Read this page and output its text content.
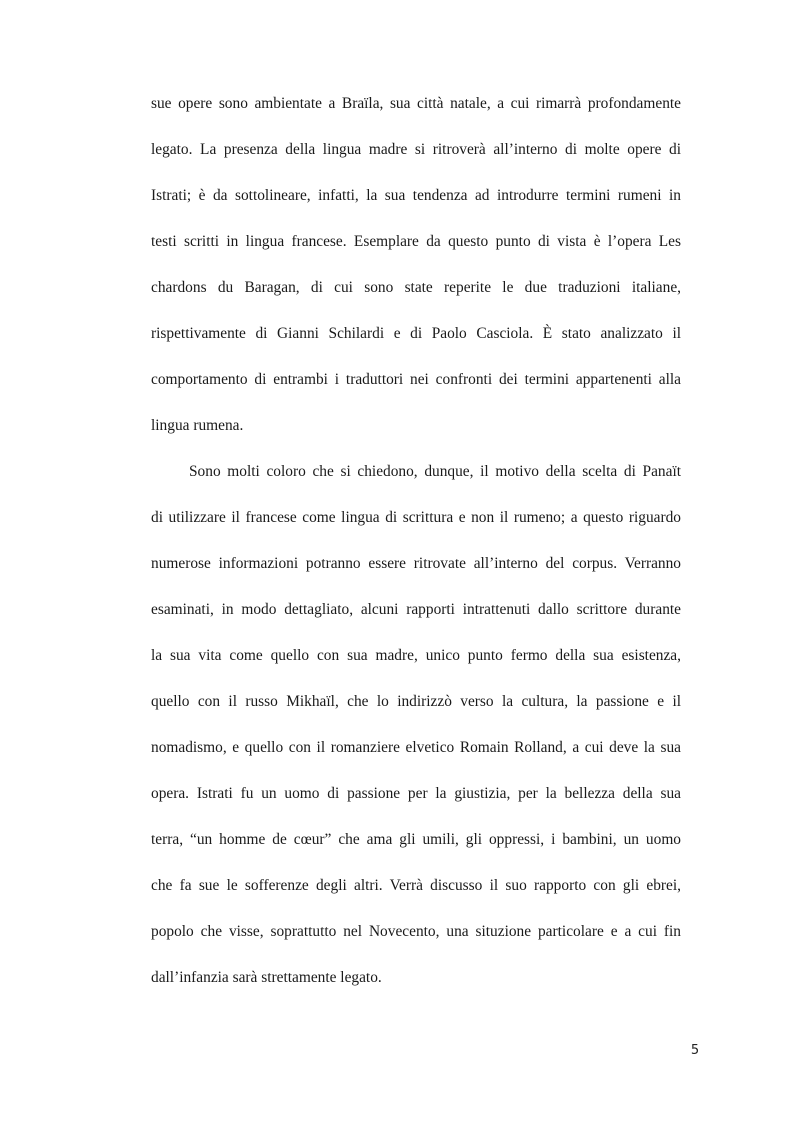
sue opere sono ambientate a Braïla, sua città natale, a cui rimarrà profondamente
legato. La presenza della lingua madre si ritroverà all’interno di molte opere di
Istrati; è da sottolineare, infatti, la sua tendenza ad introdurre termini rumeni in
testi scritti in lingua francese. Esemplare da questo punto di vista è l’opera Les
chardons du Baragan, di cui sono state reperite le due traduzioni italiane,
rispettivamente di Gianni Schilardi e di Paolo Casciola. È stato analizzato il
comportamento di entrambi i traduttori nei confronti dei termini appartenenti alla
lingua rumena.
Sono molti coloro che si chiedono, dunque, il motivo della scelta di Panaït
di utilizzare il francese come lingua di scrittura e non il rumeno; a questo riguardo
numerose informazioni potranno essere ritrovate all’interno del corpus. Verranno
esaminati, in modo dettagliato, alcuni rapporti intrattenuti dallo scrittore durante
la sua vita come quello con sua madre, unico punto fermo della sua esistenza,
quello con il russo Mikhaïl, che lo indirizzò verso la cultura, la passione e il
nomadismo, e quello con il romanziere elvetico Romain Rolland, a cui deve la sua
opera. Istrati fu un uomo di passione per la giustizia, per la bellezza della sua
terra, “un homme de cœur” che ama gli umili, gli oppressi, i bambini, un uomo
che fa sue le sofferenze degli altri. Verrà discusso il suo rapporto con gli ebrei,
popolo che visse, soprattutto nel Novecento, una situzione particolare e a cui fin
dall’infanzia sarà strettamente legato.
5
